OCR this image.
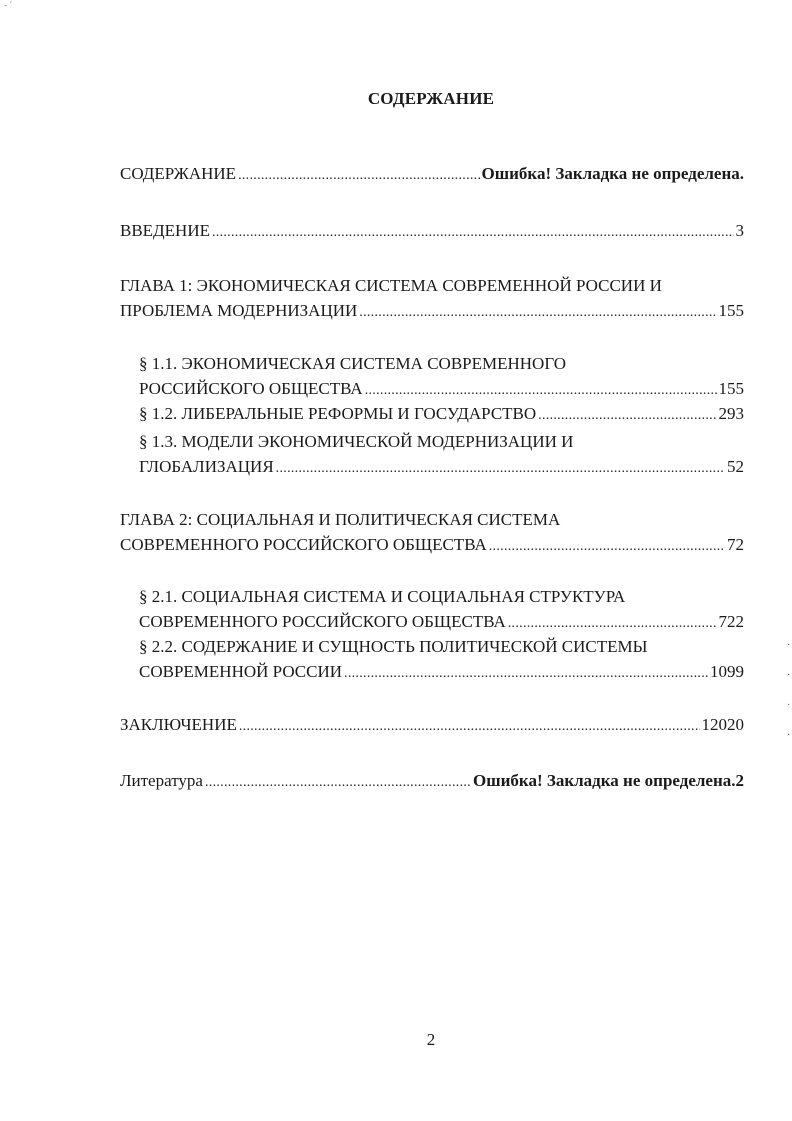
- ´
СОДЕРЖАНИЕ
СОДЕРЖАНИЕ . . .	Ошибка! Закладка не определена.
ВВЕДЕНИЕ . . .	3
ГЛАВА 1: ЭКОНОМИЧЕСКАЯ СИСТЕМА СОВРЕМЕННОЙ РОССИИ И
ПРОБЛЕМА МОДЕРНИЗАЦИИ . . .	155
§ 1.1. ЭКОНОМИЧЕСКАЯ СИСТЕМА СОВРЕМЕННОГО
РОССИЙСКОГО ОБЩЕСТВА . . .	155
§ 1.2. ЛИБЕРАЛЬНЫЕ РЕФОРМЫ И ГОСУДАРСТВО . . .	293
§ 1.3. МОДЕЛИ ЭКОНОМИЧЕСКОЙ МОДЕРНИЗАЦИИ И
ГЛОБАЛИЗАЦИЯ . . .	52
ГЛАВА 2: СОЦИАЛЬНАЯ И ПОЛИТИЧЕСКАЯ СИСТЕМА
СОВРЕМЕННОГО РОССИЙСКОГО ОБЩЕСТВА . . .	72
§ 2.1. СОЦИАЛЬНАЯ СИСТЕМА И СОЦИАЛЬНАЯ СТРУКТУРА
СОВРЕМЕННОГО РОССИЙСКОГО ОБЩЕСТВА . . .	722
§ 2.2. СОДЕРЖАНИЕ И СУЩНОСТЬ ПОЛИТИЧЕСКОЙ СИСТЕМЫ
СОВРЕМЕННОЙ РОССИИ . . .	1099
ЗАКЛЮЧЕНИЕ . . .	12020
Литература . . .	Ошибка! Закладка не определена.2
2
·
·
·
·
